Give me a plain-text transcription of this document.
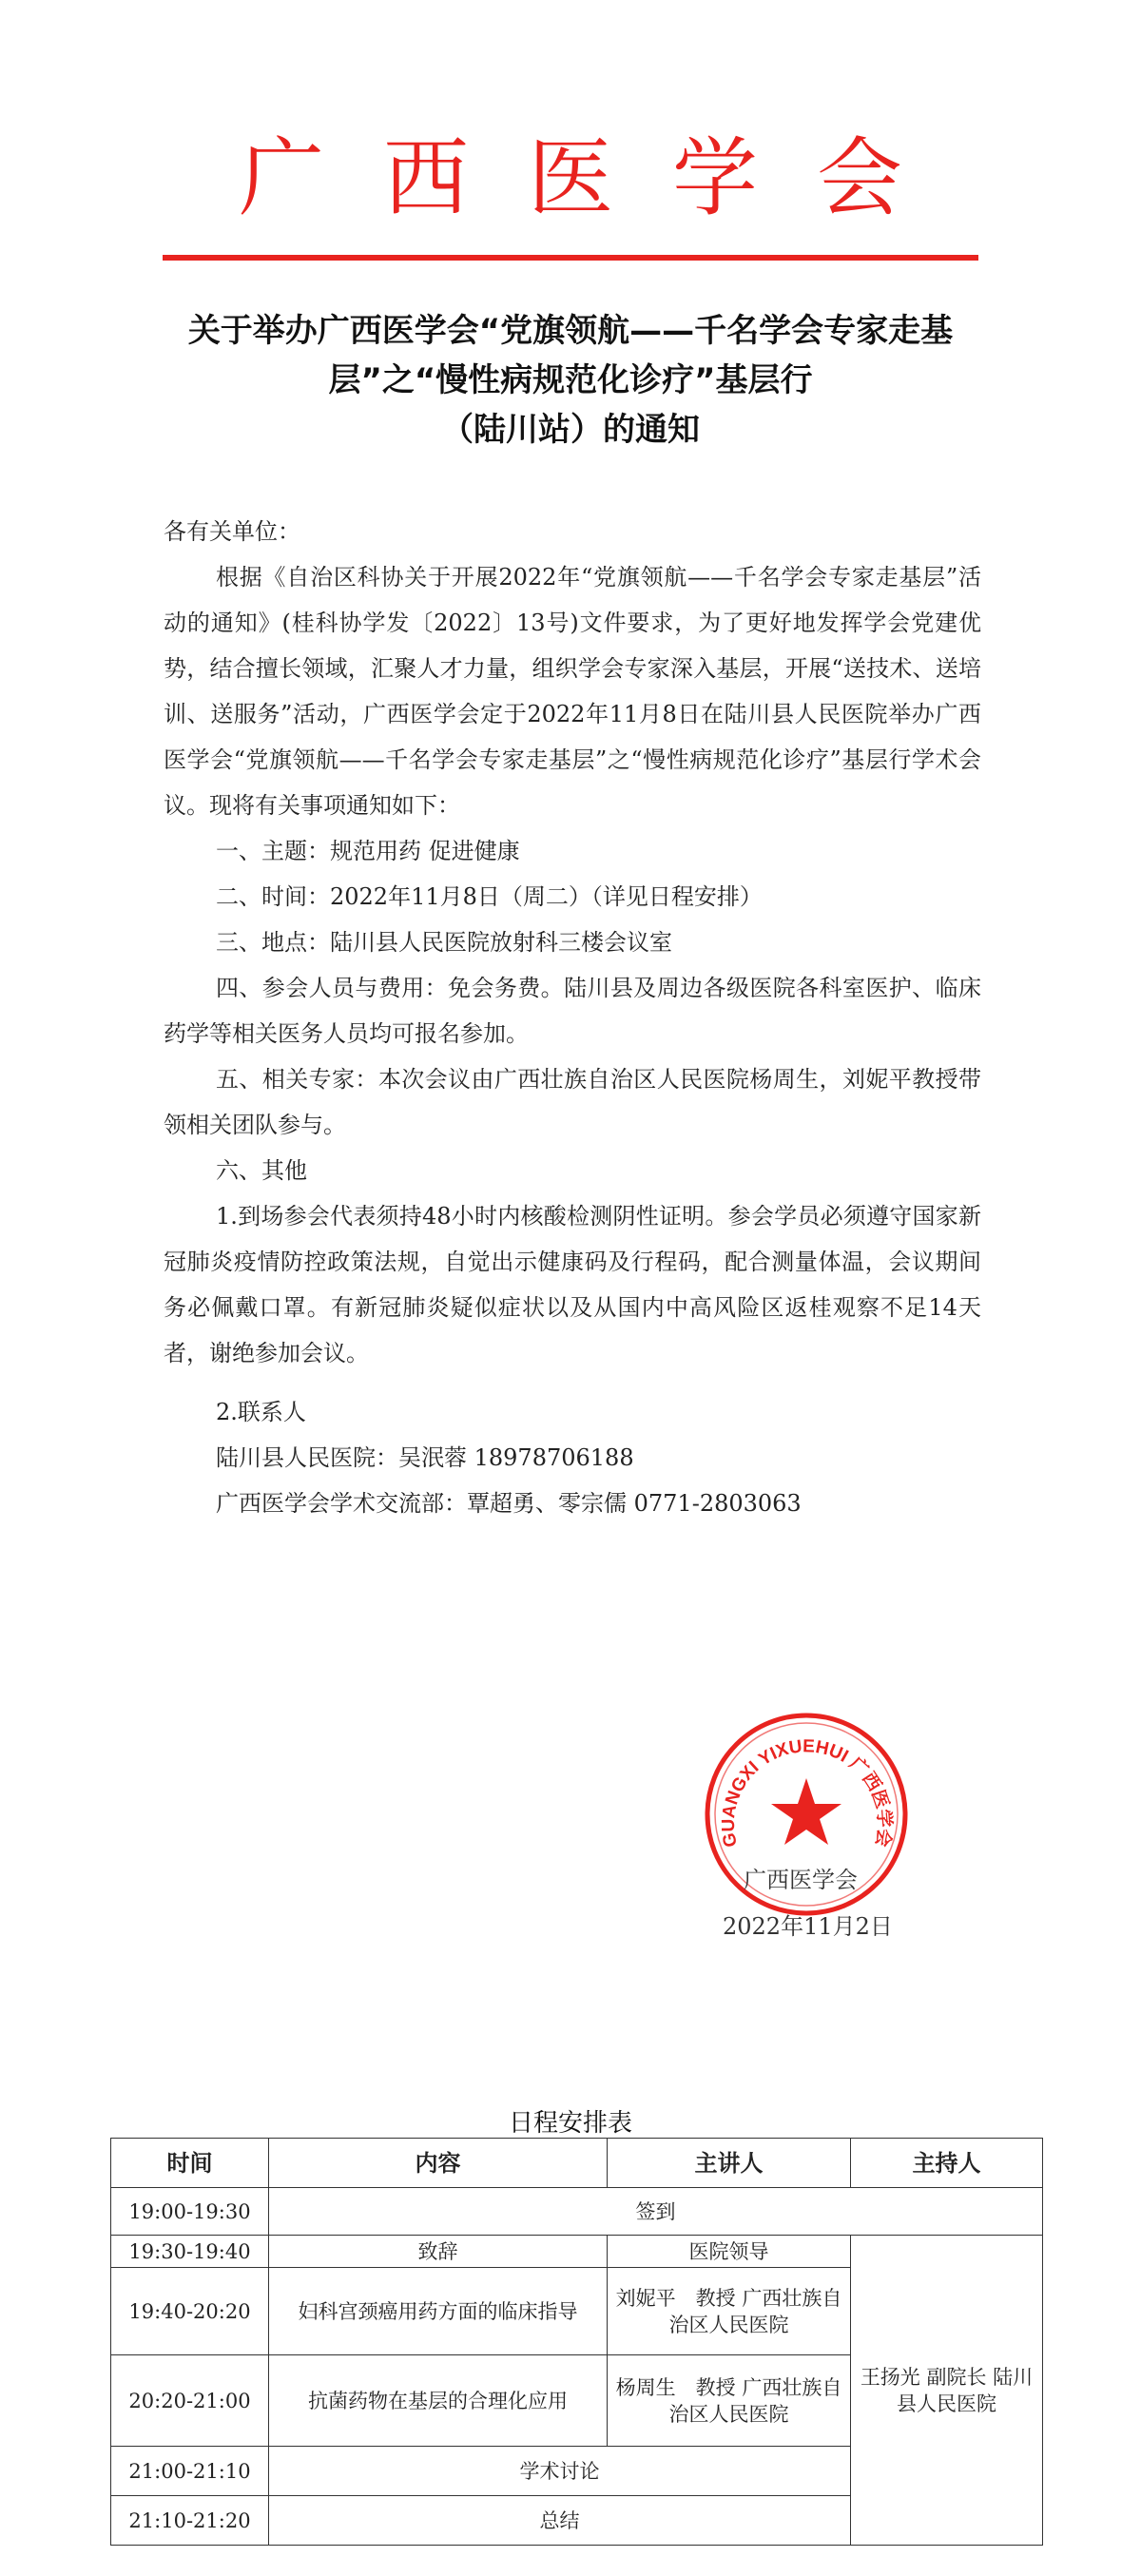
广西医学会
关于举办广西医学会“党旗领航——千名学会专家走基
层”之“慢性病规范化诊疗”基层行
（陆川站）的通知

各有关单位：

根据《自治区科协关于开展2022年“党旗领航——千名学会专家走基层”活动的通知》(桂科协学发〔2022〕13号)文件要求，为了更好地发挥学会党建优势，结合擅长领域，汇聚人才力量，组织学会专家深入基层，开展“送技术、送培训、送服务”活动，广西医学会定于2022年11月8日在陆川县人民医院举办广西医学会“党旗领航——千名学会专家走基层”之“慢性病规范化诊疗”基层行学术会议。现将有关事项通知如下：

一、主题：规范用药 促进健康

二、时间：2022年11月8日（周二）（详见日程安排）

三、地点：陆川县人民医院放射科三楼会议室

四、参会人员与费用：免会务费。陆川县及周边各级医院各科室医护、临床药学等相关医务人员均可报名参加。

五、相关专家：本次会议由广西壮族自治区人民医院杨周生，刘妮平教授带领相关团队参与。

六、其他

1.到场参会代表须持48小时内核酸检测阴性证明。参会学员必须遵守国家新冠肺炎疫情防控政策法规，自觉出示健康码及行程码，配合测量体温，会议期间务必佩戴口罩。有新冠肺炎疑似症状以及从国内中高风险区返桂观察不足14天者，谢绝参加会议。

2.联系人

陆川县人民医院：吴泯蓉 18978706188

广西医学会学术交流部：覃超勇、零宗儒 0771-2803063

GUANGXI YIXUEHUI 广西医学会
广西医学会
2022年11月2日
日程安排表
时间	内容	主讲人	主持人
19:00-19:30	签到		
19:30-19:40	致辞	医院领导	王扬光 副院长 陆川县人民医院
19:40-20:20	妇科宫颈癌用药方面的临床指导	刘妮平　教授 广西壮族自治区人民医院	
20:20-21:00	抗菌药物在基层的合理化应用	杨周生　教授 广西壮族自治区人民医院	
21:00-21:10	学术讨论		
21:10-21:20	总结		
